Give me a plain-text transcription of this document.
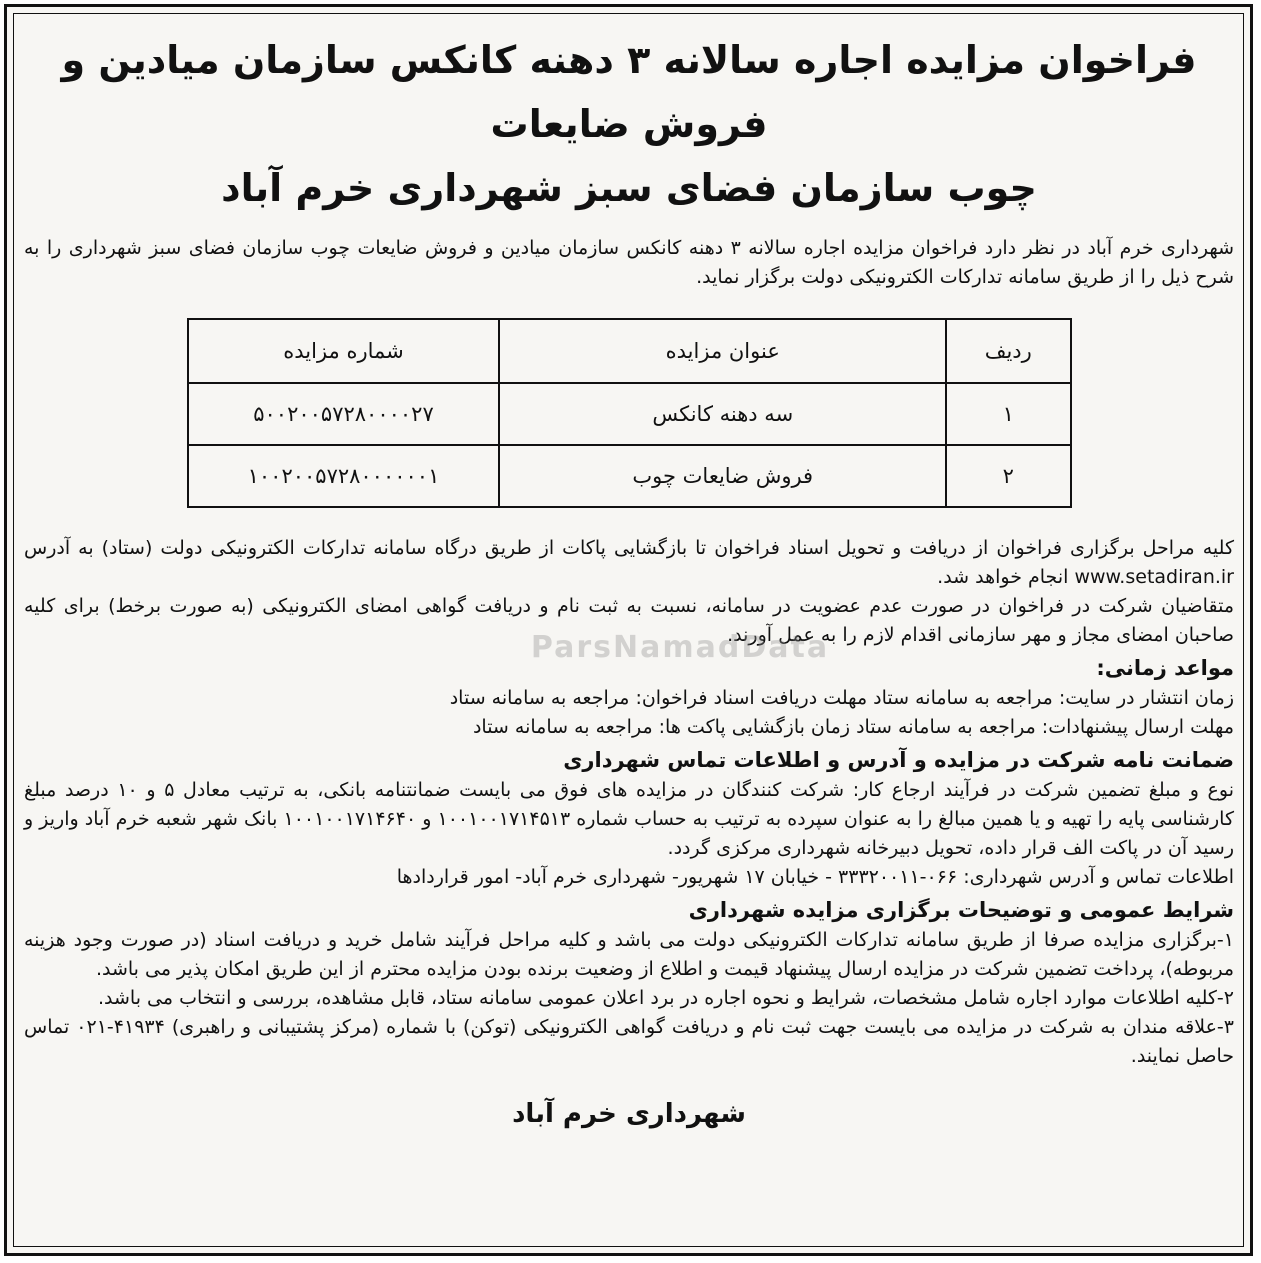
فراخوان مزایده اجاره سالانه ۳ دهنه کانکس سازمان میادین و فروش ضایعات
چوب سازمان فضای سبز شهرداری خرم آباد

شهرداری خرم آباد در نظر دارد فراخوان مزایده اجاره سالانه ۳ دهنه کانکس سازمان میادین و فروش ضایعات چوب سازمان فضای سبز شهرداری را به شرح ذیل را از طریق سامانه تدارکات الکترونیکی دولت برگزار نماید.

ردیف	عنوان مزایده	شماره مزایده
۱	سه دهنه کانکس	۵۰۰۲۰۰۵۷۲۸۰۰۰۰۲۷
۲	فروش ضایعات چوب	۱۰۰۲۰۰۵۷۲۸۰۰۰۰۰۰۱

کلیه مراحل برگزاری فراخوان از دریافت و تحویل اسناد فراخوان تا بازگشایی پاکات از طریق درگاه سامانه تدارکات الکترونیکی دولت (ستاد) به آدرس www.setadiran.ir انجام خواهد شد.

متقاضیان شرکت در فراخوان در صورت عدم عضویت در سامانه، نسبت به ثبت نام و دریافت گواهی امضای الکترونیکی (به صورت برخط) برای کلیه صاحبان امضای مجاز و مهر سازمانی اقدام لازم را به عمل آورند.

مواعد زمانی:

زمان انتشار در سایت: مراجعه به سامانه ستاد مهلت دریافت اسناد فراخوان: مراجعه به سامانه ستاد

مهلت ارسال پیشنهادات: مراجعه به سامانه ستاد زمان بازگشایی پاکت ها: مراجعه به سامانه ستاد

ضمانت نامه شرکت در مزایده و آدرس و اطلاعات تماس شهرداری

نوع و مبلغ تضمین شرکت در فرآیند ارجاع کار: شرکت کنندگان در مزایده های فوق می بایست ضمانتنامه بانکی، به ترتیب معادل ۵ و ۱۰ درصد مبلغ کارشناسی پایه را تهیه و یا همین مبالغ را به عنوان سپرده به ترتیب به حساب شماره ۱۰۰۱۰۰۱۷۱۴۵۱۳ و ۱۰۰۱۰۰۱۷۱۴۶۴۰ بانک شهر شعبه خرم آباد واریز و رسید آن در پاکت الف قرار داده، تحویل دبیرخانه شهرداری مرکزی گردد.

اطلاعات تماس و آدرس شهرداری: ۰۶۶-۳۳۳۲۰۰۱۱ - خیابان ۱۷ شهریور- شهرداری خرم آباد- امور قراردادها

شرایط عمومی و توضیحات برگزاری مزایده شهرداری

۱-برگزاری مزایده صرفا از طریق سامانه تدارکات الکترونیکی دولت می باشد و کلیه مراحل فرآیند شامل خرید و دریافت اسناد (در صورت وجود هزینه مربوطه)، پرداخت تضمین شرکت در مزایده ارسال پیشنهاد قیمت و اطلاع از وضعیت برنده بودن مزایده محترم از این طریق امکان پذیر می باشد.

۲-کلیه اطلاعات موارد اجاره شامل مشخصات، شرایط و نحوه اجاره در برد اعلان عمومی سامانه ستاد، قابل مشاهده، بررسی و انتخاب می باشد.

۳-علاقه مندان به شرکت در مزایده می بایست جهت ثبت نام و دریافت گواهی الکترونیکی (توکن) با شماره (مرکز پشتیبانی و راهبری) ۴۱۹۳۴-۰۲۱ تماس حاصل نمایند.

شهرداری خرم آباد
ParsNamadData
